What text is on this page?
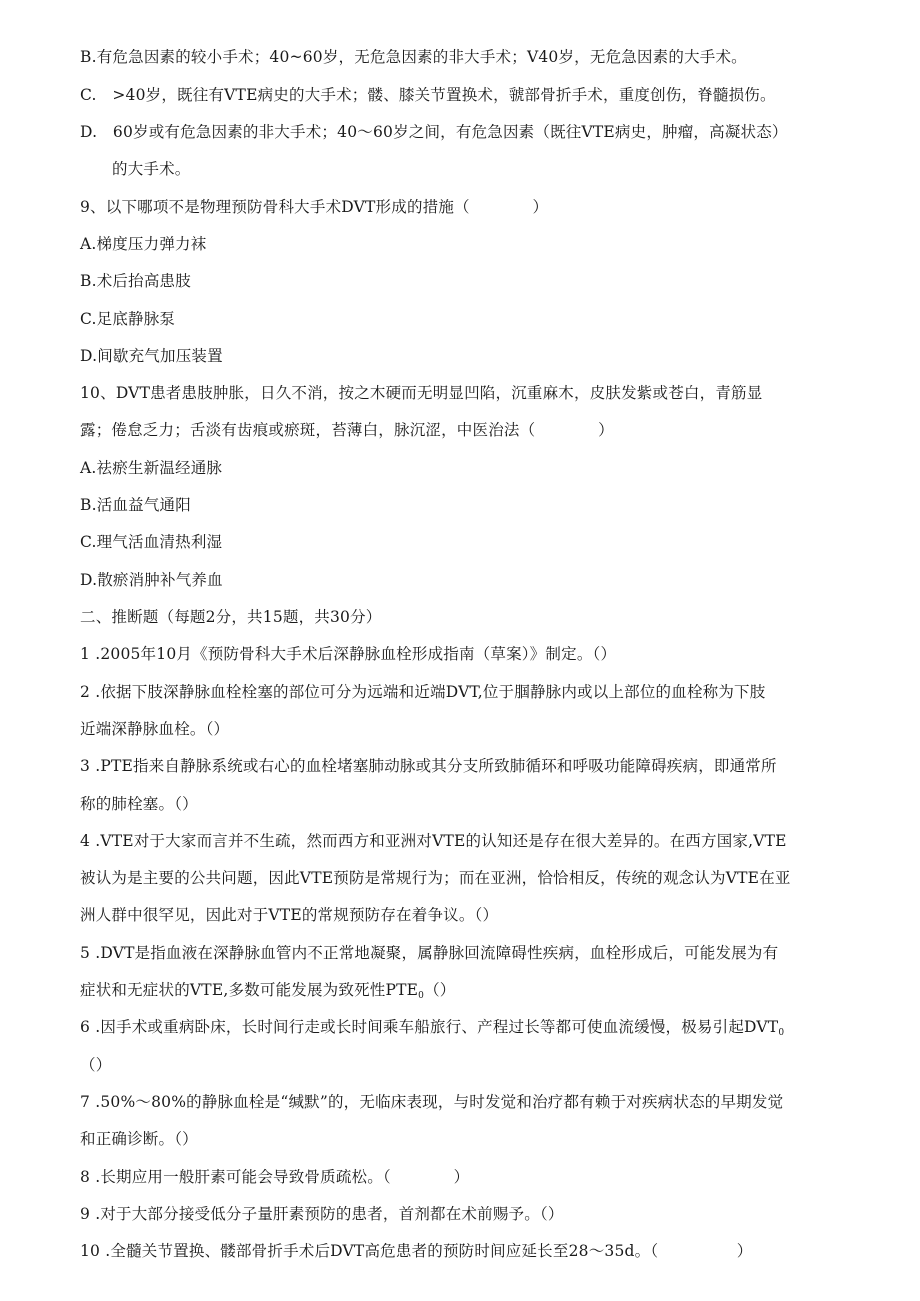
B.有危急因素的较小手术；40~60岁，无危急因素的非大手术；V40岁，无危急因素的大手术。
C.　>40岁，既往有VTE病史的大手术；髅、膝关节置换术，虢部骨折手术，重度创伤，脊髓损伤。
D.　60岁或有危急因素的非大手术；40～60岁之间，有危急因素（既往VTE病史，肿瘤，高凝状态）
的大手术。
9、以下哪项不是物理预防骨科大手术DVT形成的措施（　　　　）
A.梯度压力弹力袜
B.术后抬高患肢
C.足底静脉泵
D.间歇充气加压装置
10、DVT患者患肢肿胀，日久不消，按之木硬而无明显凹陷，沉重麻木，皮肤发紫或苍白，青筋显
露；倦怠乏力；舌淡有齿痕或瘀斑，苔薄白，脉沉涩，中医治法（　　　　）
A.祛瘀生新温经通脉
B.活血益气通阳
C.理气活血清热利湿
D.散瘀消肿补气养血
二、推断题（每题2分，共15题，共30分）
1 .2005年10月《预防骨科大手术后深静脉血栓形成指南（草案）》制定。（）
2 .依据下肢深静脉血栓栓塞的部位可分为远端和近端DVT,位于腘静脉内或以上部位的血栓称为下肢
近端深静脉血栓。（）
3 .PTE指来自静脉系统或右心的血栓堵塞肺动脉或其分支所致肺循环和呼吸功能障碍疾病，即通常所
称的肺栓塞。（）
4 .VTE对于大家而言并不生疏，然而西方和亚洲对VTE的认知还是存在很大差异的。在西方国家,VTE
被认为是主要的公共问题，因此VTE预防是常规行为；而在亚洲，恰恰相反，传统的观念认为VTE在亚
洲人群中很罕见，因此对于VTE的常规预防存在着争议。（）
5 .DVT是指血液在深静脉血管内不正常地凝聚，属静脉回流障碍性疾病，血栓形成后，可能发展为有
症状和无症状的VTE,多数可能发展为致死性$PTE_0()$
6 .因手术或重病卧床，长时间行走或长时间乘车船旅行、产程过长等都可使血流缓慢，极易引起$DVT_0$
（）
7 .50%～80%的静脉血栓是“缄默”的，无临床表现，与时发觉和治疗都有赖于对疾病状态的早期发觉
和正确诊断。（）
8 .长期应用一般肝素可能会导致骨质疏松。（　　　　）
9 .对于大部分接受低分子量肝素预防的患者，首剂都在术前赐予。（）
10 .全髓关节置换、髅部骨折手术后DVT高危患者的预防时间应延长至28～35d。（　　　　　）
